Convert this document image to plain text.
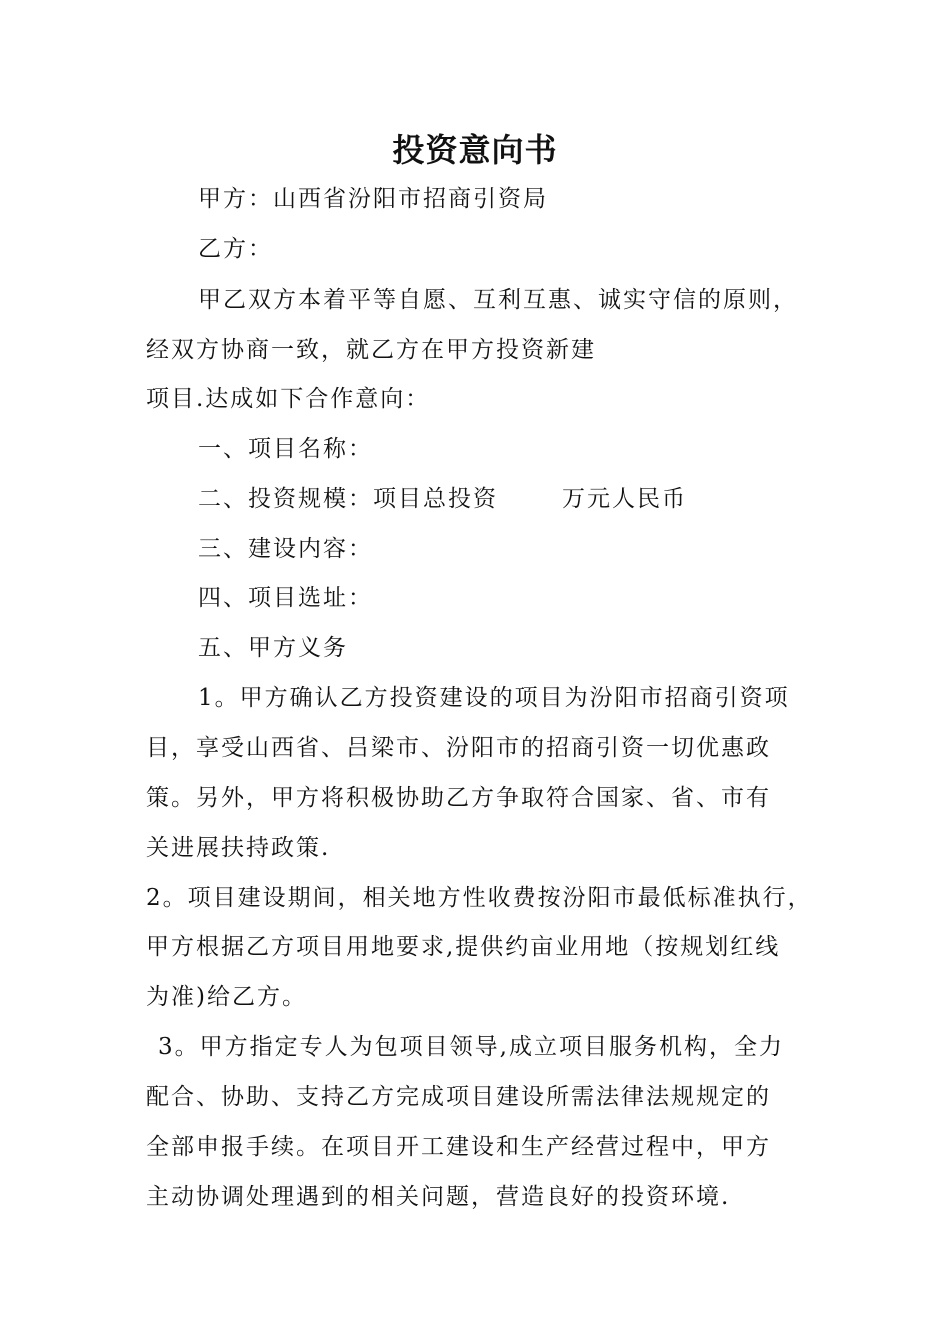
投资意向书
甲方：山西省汾阳市招商引资局
乙方：
甲乙双方本着平等自愿、互利互惠、诚实守信的原则，
经双方协商一致，就乙方在甲方投资新建
项目.达成如下合作意向：
一、项目名称：
二、投资规模：项目总投资	万元人民币
三、建设内容：
四、项目选址：
五、甲方义务
1。甲方确认乙方投资建设的项目为汾阳市招商引资项
目，享受山西省、吕梁市、汾阳市的招商引资一切优惠政
策。另外，甲方将积极协助乙方争取符合国家、省、市有
关进展扶持政策.
2。项目建设期间，相关地方性收费按汾阳市最低标准执行，
甲方根据乙方项目用地要求,提供约亩业用地（按规划红线
为准)给乙方。
3。甲方指定专人为包项目领导,成立项目服务机构，全力
配合、协助、支持乙方完成项目建设所需法律法规规定的
全部申报手续。在项目开工建设和生产经营过程中，甲方
主动协调处理遇到的相关问题，营造良好的投资环境.
